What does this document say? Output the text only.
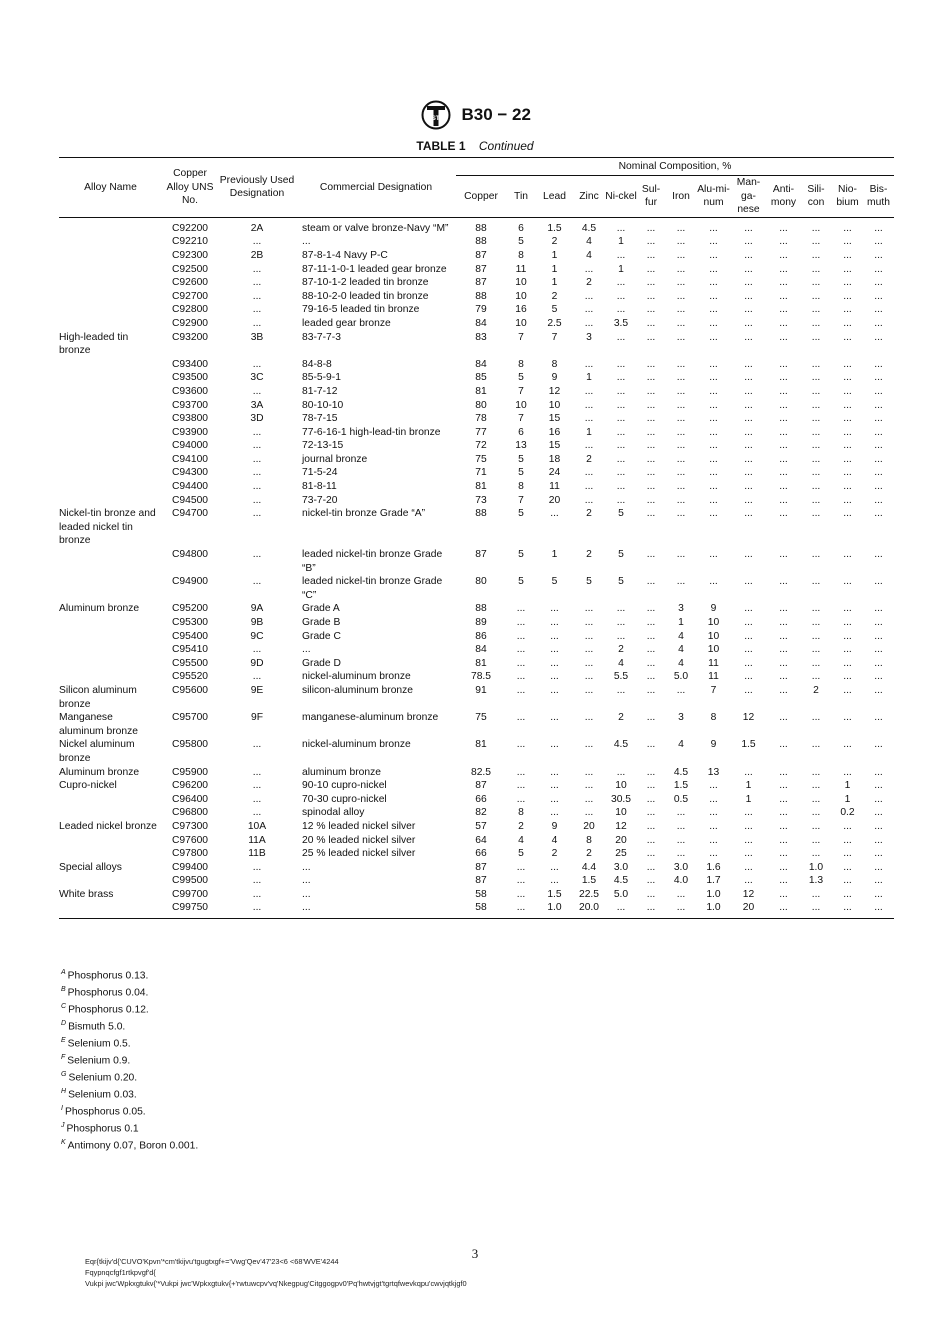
ASTM B30 − 22
TABLE 1 Continued
Alloy Name	Copper Alloy UNS No.	Previously Used Designation	Commercial Designation	Nominal Composition, %												
				Copper	Tin	Lead	Zinc	Ni-ckel	Sul-fur	Iron	Alu-mi-num	Man-ga-nese	Anti-mony	Sili-con	Nio-bium	Bis-muth
	C92200	2A	steam or valve bronze-Navy “M”	88	6	1.5	4.5	...	...	...	...	...	...	...	...	...
	C92210	...	...	88	5	2	4	1	...	...	...	...	...	...	...	...
	C92300	2B	87-8-1-4 Navy P-C	87	8	1	4	...	...	...	...	...	...	...	...	...
	C92500	...	87-11-1-0-1 leaded gear bronze	87	11	1	...	1	...	...	...	...	...	...	...	...
	C92600	...	87-10-1-2 leaded tin bronze	87	10	1	2	...	...	...	...	...	...	...	...	...
	C92700	...	88-10-2-0 leaded tin bronze	88	10	2	...	...	...	...	...	...	...	...	...	...
	C92800	...	79-16-5 leaded tin bronze	79	16	5	...	...	...	...	...	...	...	...	...	...
	C92900	...	leaded gear bronze	84	10	2.5	...	3.5	...	...	...	...	...	...	...	...
High-leaded tin bronze	C93200	3B	83-7-7-3	83	7	7	3	...	...	...	...	...	...	...	...	...
	C93400	...	84-8-8	84	8	8	...	...	...	...	...	...	...	...	...	...
	C93500	3C	85-5-9-1	85	5	9	1	...	...	...	...	...	...	...	...	...
	C93600	...	81-7-12	81	7	12	...	...	...	...	...	...	...	...	...	...
	C93700	3A	80-10-10	80	10	10	...	...	...	...	...	...	...	...	...	...
	C93800	3D	78-7-15	78	7	15	...	...	...	...	...	...	...	...	...	...
	C93900	...	77-6-16-1 high-lead-tin bronze	77	6	16	1	...	...	...	...	...	...	...	...	...
	C94000	...	72-13-15	72	13	15	...	...	...	...	...	...	...	...	...	...
	C94100	...	journal bronze	75	5	18	2	...	...	...	...	...	...	...	...	...
	C94300	...	71-5-24	71	5	24	...	...	...	...	...	...	...	...	...	...
	C94400	...	81-8-11	81	8	11	...	...	...	...	...	...	...	...	...	...
	C94500	...	73-7-20	73	7	20	...	...	...	...	...	...	...	...	...	...
Nickel-tin bronze and leaded nickel tin bronze	C94700	...	nickel-tin bronze Grade “A”	88	5	...	2	5	...	...	...	...	...	...	...	...
	C94800	...	leaded nickel-tin bronze Grade “B”	87	5	1	2	5	...	...	...	...	...	...	...	...
	C94900	...	leaded nickel-tin bronze Grade “C”	80	5	5	5	5	...	...	...	...	...	...	...	...
Aluminum bronze	C95200	9A	Grade A	88	...	...	...	...	...	3	9	...	...	...	...	...
	C95300	9B	Grade B	89	...	...	...	...	...	1	10	...	...	...	...	...
	C95400	9C	Grade C	86	...	...	...	...	...	4	10	...	...	...	...	...
	C95410	...	...	84	...	...	...	2	...	4	10	...	...	...	...	...
	C95500	9D	Grade D	81	...	...	...	4	...	4	11	...	...	...	...	...
	C95520	...	nickel-aluminum bronze	78.5	...	...	...	5.5	...	5.0	11	...	...	...	...	...
Silicon aluminum bronze	C95600	9E	silicon-aluminum bronze	91	...	...	...	...	...	...	7	...	...	2	...	...
Manganese aluminum bronze	C95700	9F	manganese-aluminum bronze	75	...	...	...	2	...	3	8	12	...	...	...	...
Nickel aluminum bronze	C95800	...	nickel-aluminum bronze	81	...	...	...	4.5	...	4	9	1.5	...	...	...	...
Aluminum bronze	C95900	...	aluminum bronze	82.5	...	...	...	...	...	4.5	13	...	...	...	...	...
Cupro-nickel	C96200	...	90-10 cupro-nickel	87	...	...	...	10	...	1.5	...	1	...	...	1	...
	C96400	...	70-30 cupro-nickel	66	...	...	...	30.5	...	0.5	...	1	...	...	1	...
	C96800	...	spinodal alloy	82	8	...	...	10	...	...	...	...	...	...	0.2	...
Leaded nickel bronze	C97300	10A	12 % leaded nickel silver	57	2	9	20	12	...	...	...	...	...	...	...	...
	C97600	11A	20 % leaded nickel silver	64	4	4	8	20	...	...	...	...	...	...	...	...
	C97800	11B	25 % leaded nickel silver	66	5	2	2	25	...	...	...	...	...	...	...	...
Special alloys	C99400	...	...	87	...	...	4.4	3.0	...	3.0	1.6	...	...	1.0	...	...
	C99500	...	...	87	...	...	1.5	4.5	...	4.0	1.7	...	...	1.3	...	...
White brass	C99700	...	...	58	...	1.5	22.5	5.0	...	...	1.0	12	...	...	...	...
	C99750	...	...	58	...	1.0	20.0	...	...	...	1.0	20	...	...	...	...
$^A$ Phosphorus 0.13.
$^B$ Phosphorus 0.04.
$^C$ Phosphorus 0.12.
$^D$ Bismuth 5.0.
$^E$ Selenium 0.5.
$^F$ Selenium 0.9.
$^G$ Selenium 0.20.
$^H$ Selenium 0.03.
$^I$ Phosphorus 0.05.
$^J$ Phosphorus 0.1
$^K$ Antimony 0.07, Boron 0.001.
3
Eqr{tkijv'd{'CUVO'Kpvn'*cm'tkijvu'tgugtxgf+='Vwg'Qev'47'23<6 <68'WVE'4244
Fqypnqcfgf1rtkpvgf'd{
Vukpi jwc'Wpkxgtukv{'*Vukpi jwc'Wpkxgtukv{+'rwtuwcpv'vq'Nkegpug'Citggogpv0'Pq'hwtvjgt'tgrtqfwevkqpu'cwvjqtkjgf0
